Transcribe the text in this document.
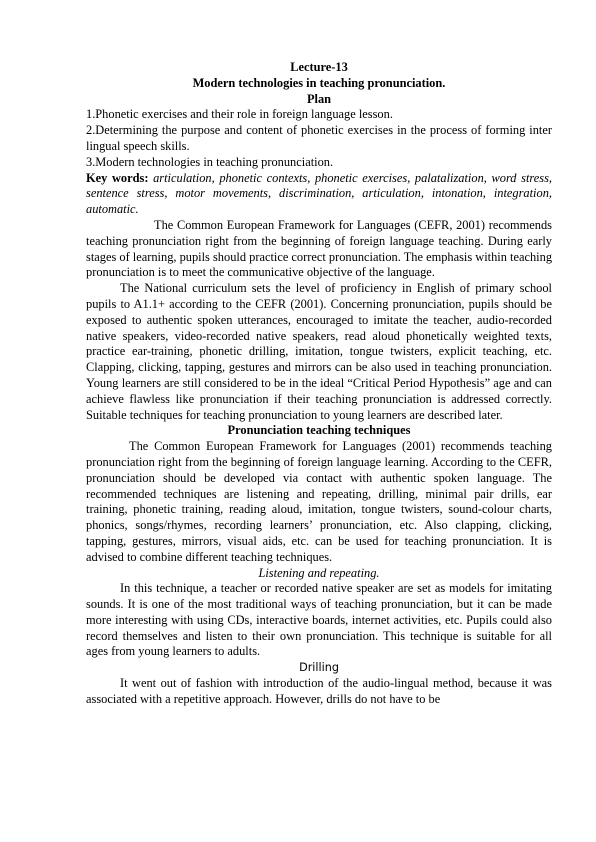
Lecture-13

Modern technologies in teaching pronunciation.

Plan

1.Phonetic exercises and their role in foreign language lesson.

2.Determining the purpose and content of phonetic exercises in the process of forming inter lingual speech skills.

3.Modern technologies in teaching pronunciation.

Key words: articulation, phonetic contexts, phonetic exercises, palatalization, word stress, sentence stress, motor movements, discrimination, articulation, intonation, integration, automatic.

The Common European Framework for Languages (CEFR, 2001) recommends teaching pronunciation right from the beginning of foreign language teaching. During early stages of learning, pupils should practice correct pronunciation. The emphasis within teaching pronunciation is to meet the communicative objective of the language.

The National curriculum sets the level of proficiency in English of primary school pupils to A1.1+ according to the CEFR (2001). Concerning pronunciation, pupils should be exposed to authentic spoken utterances, encouraged to imitate the teacher, audio-recorded native speakers, video-recorded native speakers, read aloud phonetically weighted texts, practice ear-training, phonetic drilling, imitation, tongue twisters, explicit teaching, etc. Clapping, clicking, tapping, gestures and mirrors can be also used in teaching pronunciation. Young learners are still considered to be in the ideal “Critical Period Hypothesis” age and can achieve flawless like pronunciation if their teaching pronunciation is addressed correctly. Suitable techniques for teaching pronunciation to young learners are described later.

Pronunciation teaching techniques

The Common European Framework for Languages (2001) recommends teaching pronunciation right from the beginning of foreign language learning. According to the CEFR, pronunciation should be developed via contact with authentic spoken language. The recommended techniques are listening and repeating, drilling, minimal pair drills, ear training, phonetic training, reading aloud, imitation, tongue twisters, sound-colour charts, phonics, songs/rhymes, recording learners’ pronunciation, etc. Also clapping, clicking, tapping, gestures, mirrors, visual aids, etc. can be used for teaching pronunciation. It is advised to combine different teaching techniques.

Listening and repeating.

In this technique, a teacher or recorded native speaker are set as models for imitating sounds. It is one of the most traditional ways of teaching pronunciation, but it can be made more interesting with using CDs, interactive boards, internet activities, etc. Pupils could also record themselves and listen to their own pronunciation. This technique is suitable for all ages from young learners to adults.

Drilling

It went out of fashion with introduction of the audio-lingual method, because it was associated with a repetitive approach. However, drills do not have to be
